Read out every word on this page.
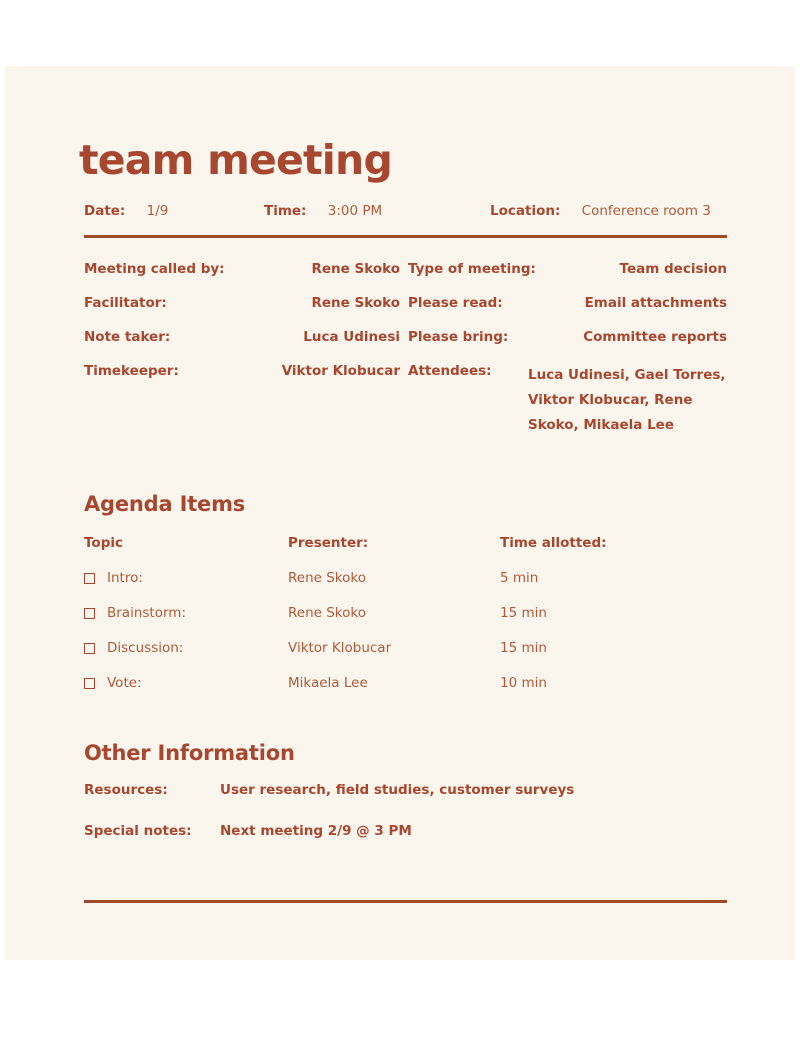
team meeting
Date: 1/9	Time: 3:00 PM	Location: Conference room 3
Meeting called by:	Rene Skoko Type of meeting:	Team decision
Facilitator:	Rene Skoko Please read:	Email attachments
Note taker:	Luca Udinesi Please bring:	Committee reports
Timekeeper:	Viktor Klobucar Attendees:	Luca Udinesi, Gael Torres, Viktor Klobucar, Rene Skoko, Mikaela Lee
Agenda Items
Topic	Presenter:	Time allotted:
Intro:	Rene Skoko	5 min
Brainstorm:	Rene Skoko	15 min
Discussion:	Viktor Klobucar	15 min
Vote:	Mikaela Lee	10 min
Other Information
Resources:	User research, field studies, customer surveys
Special notes: Next meeting 2/9 @ 3 PM
